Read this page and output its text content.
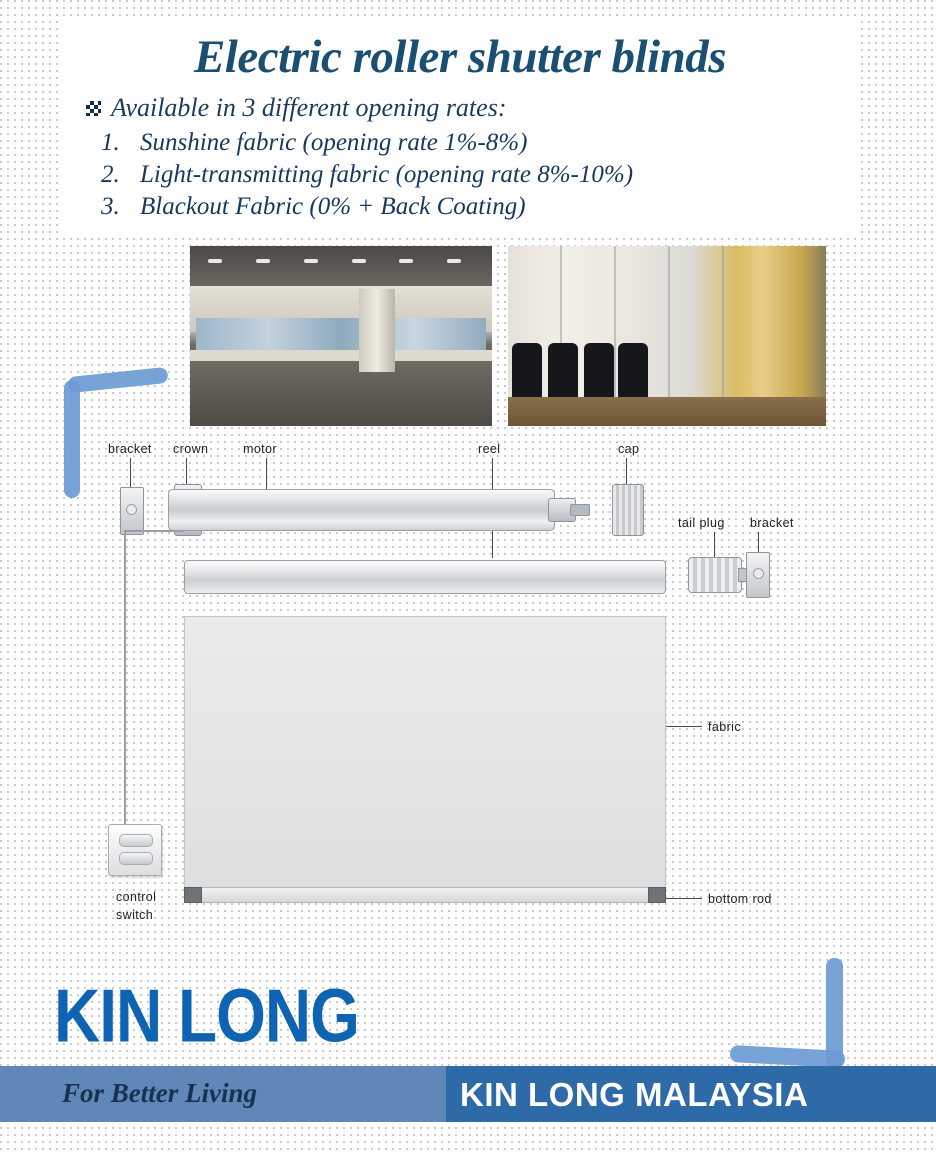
Electric roller shutter blinds
Available in 3 different opening rates:
1. Sunshine fabric (opening rate 1%-8%)
2. Light-transmitting fabric (opening rate 8%-10%)
3. Blackout Fabric (0% + Back Coating)
bracket crown	motor	reel	cap
tail plug bracket
fabric
bottom rod
control
switch
KIN LONG
For Better Living	KIN LONG MALAYSIA
